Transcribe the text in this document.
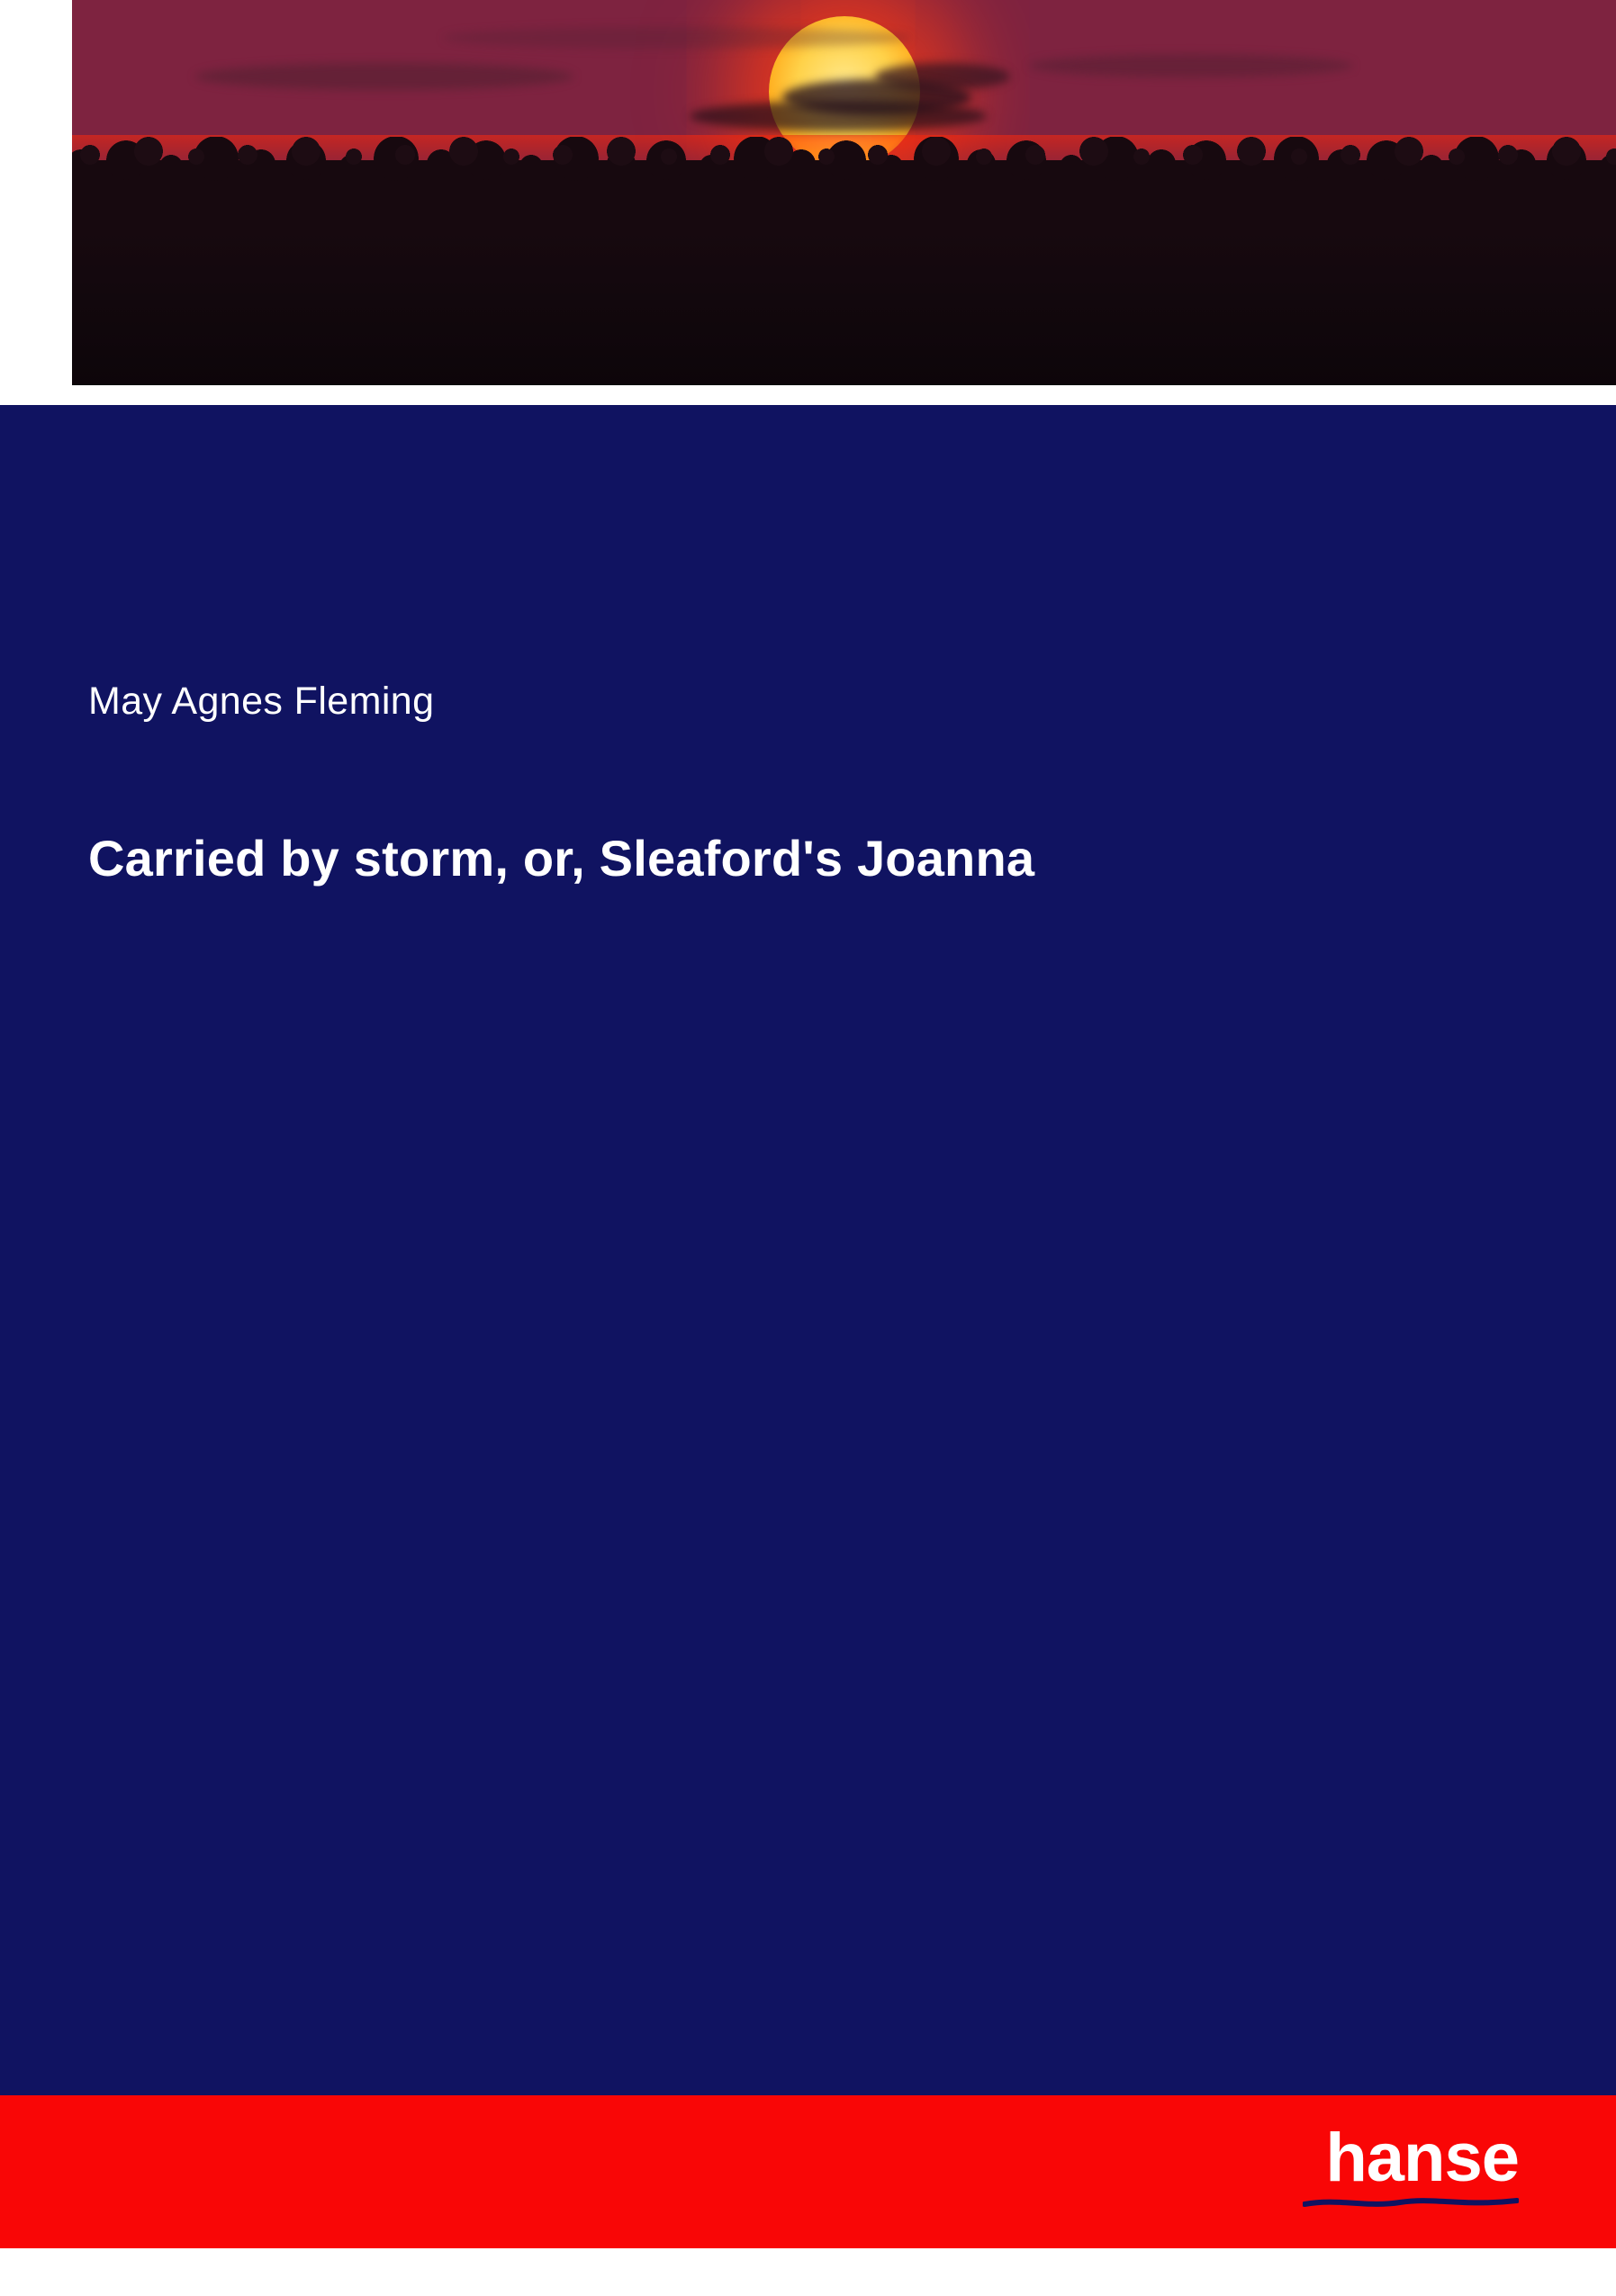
May Agnes Fleming
Carried by storm, or, Sleaford's Joanna
hanse
